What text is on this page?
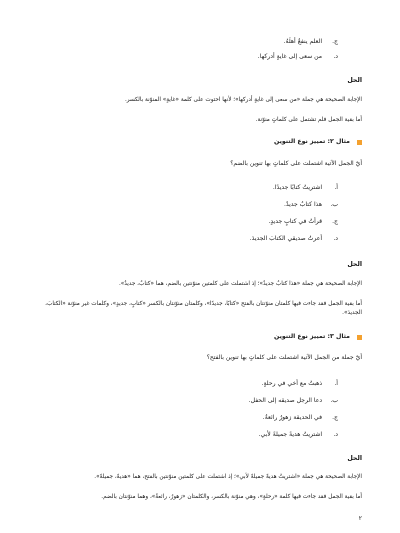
ج. العلم ينفعُ أهلَهُ.
د. من سعى إلى غايةٍ أدركها.
الحل
الإجابة الصحيحة هي جملة «من سعى إلى غايةٍ أدركها»؛ لأنها احتوت على كلمة «غايةٍ» المنوّنة بالكسر.
أما بقية الجمل فلم تشتمل على كلماتٍ منوّنة.
مثال ٢: تمييز نوع التنوين
أيّ الجمل الآتية اشتملت على كلماتٍ بها تنوين بالضم؟
أ. اشتريتُ كتابًا جديدًا.
ب. هذا كتابٌ جديدٌ.
ج. قرأتُ في كتابٍ جديدٍ.
د. أعرتُ صديقي الكتابَ الجديدَ.
الحل
الإجابة الصحيحة هي جملة «هذا كتابٌ جديدٌ»؛ إذ اشتملت على كلمتين منوّنتين بالضم، هما «كتابٌ، جديدٌ».
أما بقية الجمل فقد جاءت فيها كلمتان منوّنتان بالفتح «كتابًا، جديدًا»، وكلمتان منوّنتان بالكسر «كتابٍ، جديدٍ»، وكلمات غير منوّنة «الكتابَ، الجديدَ».
مثال ٣: تمييز نوع التنوين
أيّ جملة من الجمل الآتية اشتملت على كلماتٍ بها تنوين بالفتح؟
أ. ذهبتُ مع أخي في رحلةٍ.
ب. دعا الرجل صديقه إلى الحفل.
ج. في الحديقة زهورٌ رائعةٌ.
د. اشتريتُ هديةً جميلةً لأبي.
الحل
الإجابة الصحيحة هي جملة «اشتريتُ هديةً جميلةً لأبي»؛ إذ اشتملت على كلمتين منوّنتين بالفتح، هما «هديةً، جميلةً».
أما بقية الجمل فقد جاءت فيها كلمة «رحلةٍ»، وهي منوّنة بالكسر، والكلمتان «زهورٌ، رائعةٌ»، وهما منوّنتان بالضم.
٢
